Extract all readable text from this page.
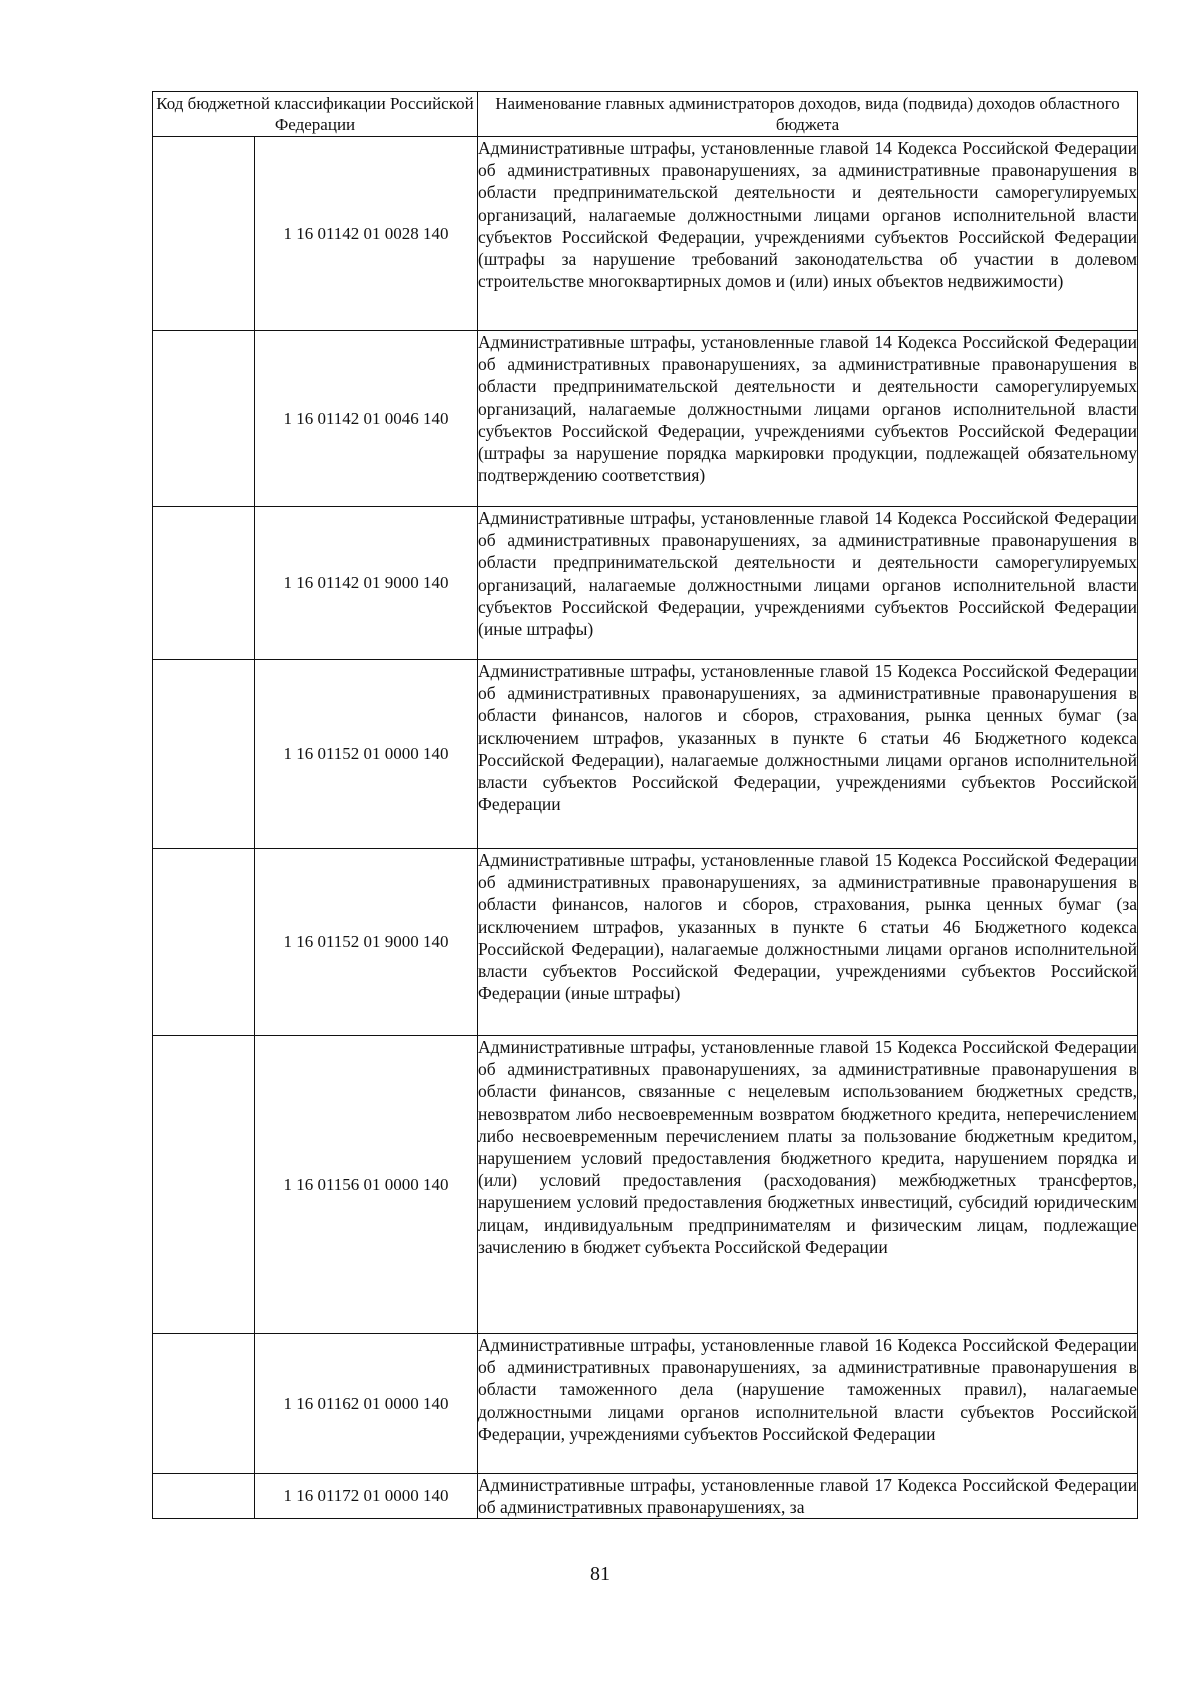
Код бюджетной классификации Российской Федерации		Наименование главных администраторов доходов, вида (подвида) доходов областного бюджета
	1 16 01142 01 0028 140	Административные штрафы, установленные главой 14 Кодекса Российской Федерации об административных правонарушениях, за административные правонарушения в области предпринимательской деятельности и деятельности саморегулируемых организаций, налагаемые должностными лицами органов исполнительной власти субъектов Российской Федерации, учреждениями субъектов Российской Федерации (штрафы за нарушение требований законодательства об участии в долевом строительстве многоквартирных домов и (или) иных объектов недвижимости)
	1 16 01142 01 0046 140	Административные штрафы, установленные главой 14 Кодекса Российской Федерации об административных правонарушениях, за административные правонарушения в области предпринимательской деятельности и деятельности саморегулируемых организаций, налагаемые должностными лицами органов исполнительной власти субъектов Российской Федерации, учреждениями субъектов Российской Федерации (штрафы за нарушение порядка маркировки продукции, подлежащей обязательному подтверждению соответствия)
	1 16 01142 01 9000 140	Административные штрафы, установленные главой 14 Кодекса Российской Федерации об административных правонарушениях, за административные правонарушения в области предпринимательской деятельности и деятельности саморегулируемых организаций, налагаемые должностными лицами органов исполнительной власти субъектов Российской Федерации, учреждениями субъектов Российской Федерации (иные штрафы)
	1 16 01152 01 0000 140	Административные штрафы, установленные главой 15 Кодекса Российской Федерации об административных правонарушениях, за административные правонарушения в области финансов, налогов и сборов, страхования, рынка ценных бумаг (за исключением штрафов, указанных в пункте 6 статьи 46 Бюджетного кодекса Российской Федерации), налагаемые должностными лицами органов исполнительной власти субъектов Российской Федерации, учреждениями субъектов Российской Федерации
	1 16 01152 01 9000 140	Административные штрафы, установленные главой 15 Кодекса Российской Федерации об административных правонарушениях, за административные правонарушения в области финансов, налогов и сборов, страхования, рынка ценных бумаг (за исключением штрафов, указанных в пункте 6 статьи 46 Бюджетного кодекса Российской Федерации), налагаемые должностными лицами органов исполнительной власти субъектов Российской Федерации, учреждениями субъектов Российской Федерации (иные штрафы)
	1 16 01156 01 0000 140	Административные штрафы, установленные главой 15 Кодекса Российской Федерации об административных правонарушениях, за административные правонарушения в области финансов, связанные с нецелевым использованием бюджетных средств, невозвратом либо несвоевременным возвратом бюджетного кредита, неперечислением либо несвоевременным перечислением платы за пользование бюджетным кредитом, нарушением условий предоставления бюджетного кредита, нарушением порядка и (или) условий предоставления (расходования) межбюджетных трансфертов, нарушением условий предоставления бюджетных инвестиций, субсидий юридическим лицам, индивидуальным предпринимателям и физическим лицам, подлежащие зачислению в бюджет субъекта Российской Федерации
	1 16 01162 01 0000 140	Административные штрафы, установленные главой 16 Кодекса Российской Федерации об административных правонарушениях, за административные правонарушения в области таможенного дела (нарушение таможенных правил), налагаемые должностными лицами органов исполнительной власти субъектов Российской Федерации, учреждениями субъектов Российской Федерации
	1 16 01172 01 0000 140	Административные штрафы, установленные главой 17 Кодекса Российской Федерации об административных правонарушениях, за
81
